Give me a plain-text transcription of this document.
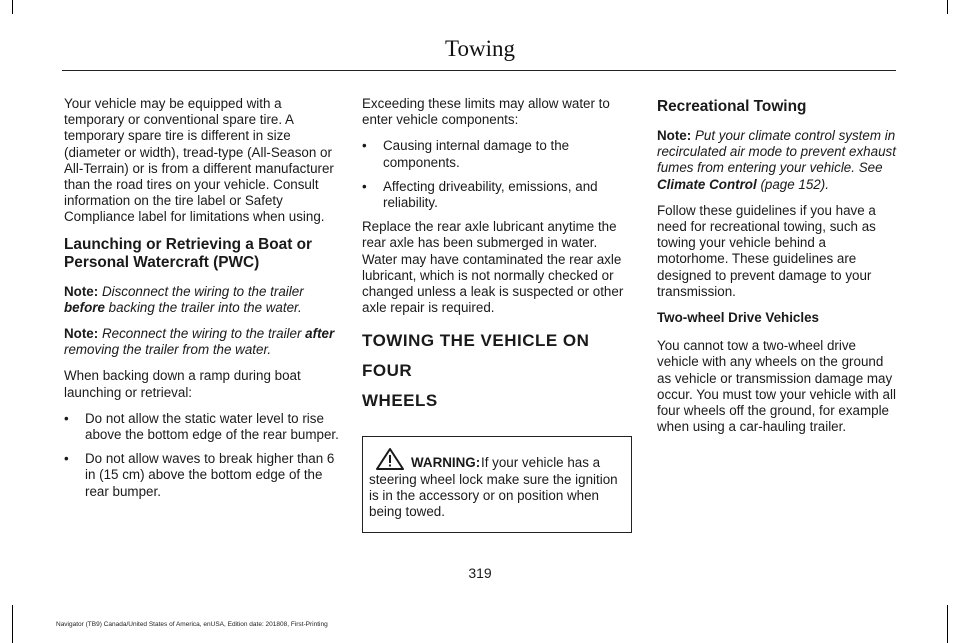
Towing

Your vehicle may be equipped with a temporary or conventional spare tire. A temporary spare tire is different in size (diameter or width), tread-type (All-Season or All-Terrain) or is from a different manufacturer than the road tires on your vehicle. Consult information on the tire label or Safety Compliance label for limitations when using.

Launching or Retrieving a Boat or Personal Watercraft (PWC)

Note: Disconnect the wiring to the trailer before backing the trailer into the water.

Note: Reconnect the wiring to the trailer after removing the trailer from the water.

When backing down a ramp during boat launching or retrieval:

• Do not allow the static water level to rise above the bottom edge of the rear bumper.
• Do not allow waves to break higher than 6 in (15 cm) above the bottom edge of the rear bumper.

Exceeding these limits may allow water to enter vehicle components:

• Causing internal damage to the components.
• Affecting driveability, emissions, and reliability.

Replace the rear axle lubricant anytime the rear axle has been submerged in water. Water may have contaminated the rear axle lubricant, which is not normally checked or changed unless a leak is suspected or other axle repair is required.

TOWING THE VEHICLE ON FOUR
WHEELS
WARNING: If your vehicle has a steering wheel lock make sure the ignition is in the accessory or on position when being towed.
Recreational Towing

Note: Put your climate control system in recirculated air mode to prevent exhaust fumes from entering your vehicle. See Climate Control (page 152).

Follow these guidelines if you have a need for recreational towing, such as towing your vehicle behind a motorhome. These guidelines are designed to prevent damage to your transmission.

Two-wheel Drive Vehicles

You cannot tow a two-wheel drive vehicle with any wheels on the ground as vehicle or transmission damage may occur. You must tow your vehicle with all four wheels off the ground, for example when using a car-hauling trailer.

319
Navigator (TB9) Canada/United States of America, enUSA, Edition date: 201808, First-Printing
